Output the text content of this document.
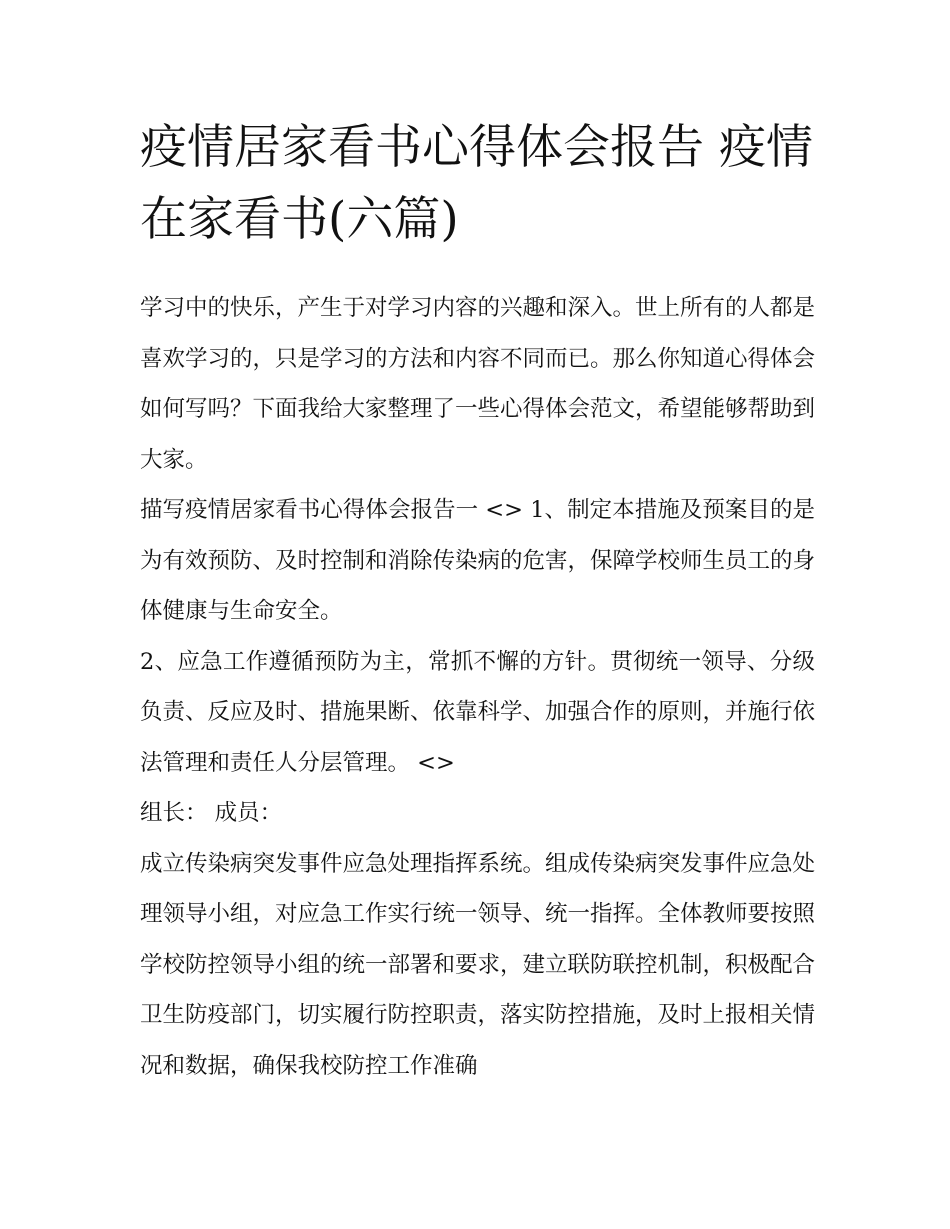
疫情居家看书心得体会报告 疫情在家看书(六篇)

学习中的快乐，产生于对学习内容的兴趣和深入。世上所有的人都是喜欢学习的，只是学习的方法和内容不同而已。那么你知道心得体会如何写吗？下面我给大家整理了一些心得体会范文，希望能够帮助到大家。

描写疫情居家看书心得体会报告一 <> 1、制定本措施及预案目的是为有效预防、及时控制和消除传染病的危害，保障学校师生员工的身体健康与生命安全。

2、应急工作遵循预防为主，常抓不懈的方针。贯彻统一领导、分级负责、反应及时、措施果断、依靠科学、加强合作的原则，并施行依法管理和责任人分层管理。 <>

组长： 成员：

成立传染病突发事件应急处理指挥系统。组成传染病突发事件应急处理领导小组，对应急工作实行统一领导、统一指挥。全体教师要按照学校防控领导小组的统一部署和要求，建立联防联控机制，积极配合卫生防疫部门，切实履行防控职责，落实防控措施，及时上报相关情况和数据，确保我校防控工作准确
